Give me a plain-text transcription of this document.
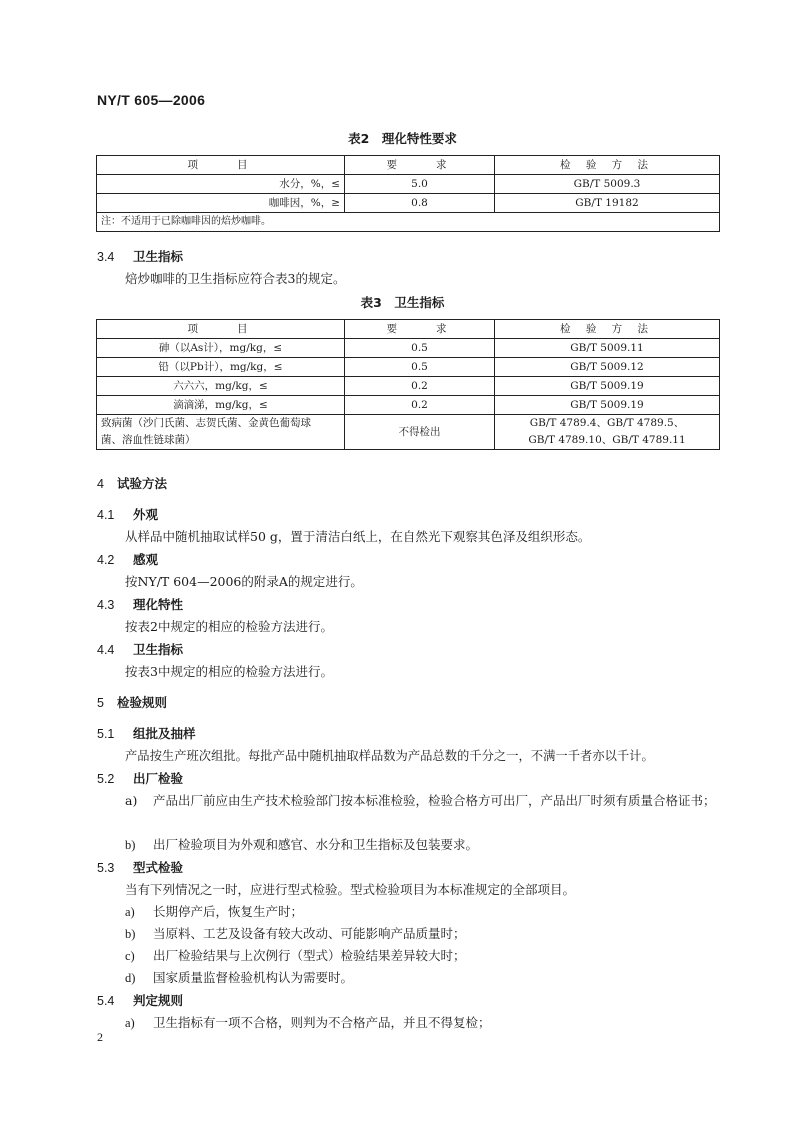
NY/T 605—2006
表2　理化特性要求
项　　目	要　　求	检 验 方 法
水分，%，≤	5.0	GB/T 5009.3
咖啡因，%，≥	0.8	GB/T 19182
注：不适用于已除咖啡因的焙炒咖啡。		
3.4 卫生指标
焙炒咖啡的卫生指标应符合表3的规定。
表3　卫生指标
项　　目	要　　求	检 验 方 法
砷（以As计），mg/kg，≤	0.5	GB/T 5009.11
铅（以Pb计），mg/kg，≤	0.5	GB/T 5009.12
六六六，mg/kg，≤	0.2	GB/T 5009.19
滴滴涕，mg/kg，≤	0.2	GB/T 5009.19
致病菌（沙门氏菌、志贺氏菌、金黄色葡萄球
菌、溶血性链球菌）	不得检出	GB/T 4789.4、GB/T 4789.5、
GB/T 4789.10、GB/T 4789.11
4 试验方法
4.1 外观
从样品中随机抽取试样50 g，置于清洁白纸上，在自然光下观察其色泽及组织形态。
4.2 感观
按NY/T 604—2006的附录A的规定进行。
4.3 理化特性
按表2中规定的相应的检验方法进行。
4.4 卫生指标
按表3中规定的相应的检验方法进行。
5 检验规则
5.1 组批及抽样
产品按生产班次组批。每批产品中随机抽取样品数为产品总数的千分之一，不满一千者亦以千计。
5.2 出厂检验
a) 产品出厂前应由生产技术检验部门按本标准检验，检验合格方可出厂，产品出厂时须有质量合格证书；
b) 出厂检验项目为外观和感官、水分和卫生指标及包装要求。
5.3 型式检验
当有下列情况之一时，应进行型式检验。型式检验项目为本标准规定的全部项目。
a) 长期停产后，恢复生产时；
b) 当原料、工艺及设备有较大改动、可能影响产品质量时；
c) 出厂检验结果与上次例行（型式）检验结果差异较大时；
d) 国家质量监督检验机构认为需要时。
5.4 判定规则
a) 卫生指标有一项不合格，则判为不合格产品，并且不得复检；
2
